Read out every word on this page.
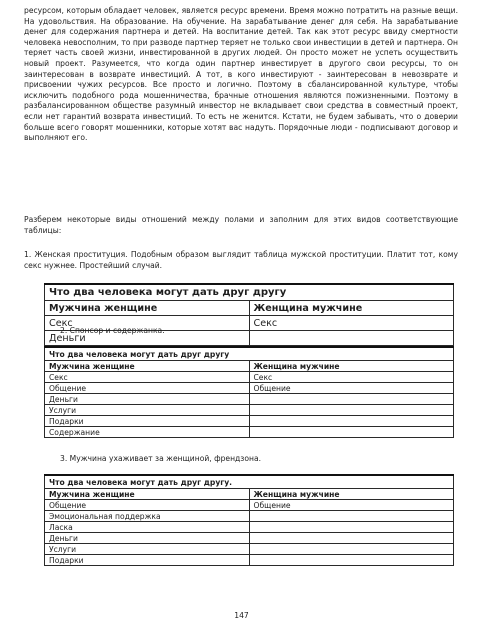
ресурсом, которым обладает человек, является ресурс времени. Время можно потратить на разные вещи. На удовольствия. На образование. На обучение. На зарабатывание денег для себя. На зарабатывание денег для содержания партнера и детей. На воспитание детей. Так как этот ресурс ввиду смертности человека невосполним, то при разводе партнер теряет не только свои инвестиции в детей и партнера. Он теряет часть своей жизни, инвестированной в других людей. Он просто может не успеть осуществить новый проект. Разумеется, что когда один партнер инвестирует в другого свои ресурсы, то он заинтересован в возврате инвестиций. А тот, в кого инвестируют - заинтересован в невозврате и присвоении чужих ресурсов. Все просто и логично. Поэтому в сбалансированной культуре, чтобы исключить подобного рода мошенничества, брачные отношения являются пожизненными. Поэтому в разбалансированном обществе разумный инвестор не вкладывает свои средства в совместный проект, если нет гарантий возврата инвестиций. То есть не женится. Кстати, не будем забывать, что о доверии больше всего говорят мошенники, которые хотят вас надуть. Порядочные люди - подписывают договор и выполняют его.

Разберем некоторые виды отношений между полами и заполним для этих видов соответствующие таблицы:

1. Женская проституция. Подобным образом выглядит таблица мужской проституции. Платит тот, кому секс нужнее. Простейший случай.

Что два человека могут дать друг другу	
Мужчина женщине	Женщина мужчине
Секс	Секс
Деньги	

2. Спонсор и содержанка.

Что два человека могут дать друг другу	
Мужчина женщине	Женщина мужчине
Секс	Секс
Общение	Общение
Деньги	
Услуги	
Подарки	
Содержание	

3. Мужчина ухаживает за женщиной, френдзона.

Что два человека могут дать друг другу.	
Мужчина женщине	Женщина мужчине
Общение	Общение
Эмоциональная поддержка	
Ласка	
Деньги	
Услуги	
Подарки	

147
